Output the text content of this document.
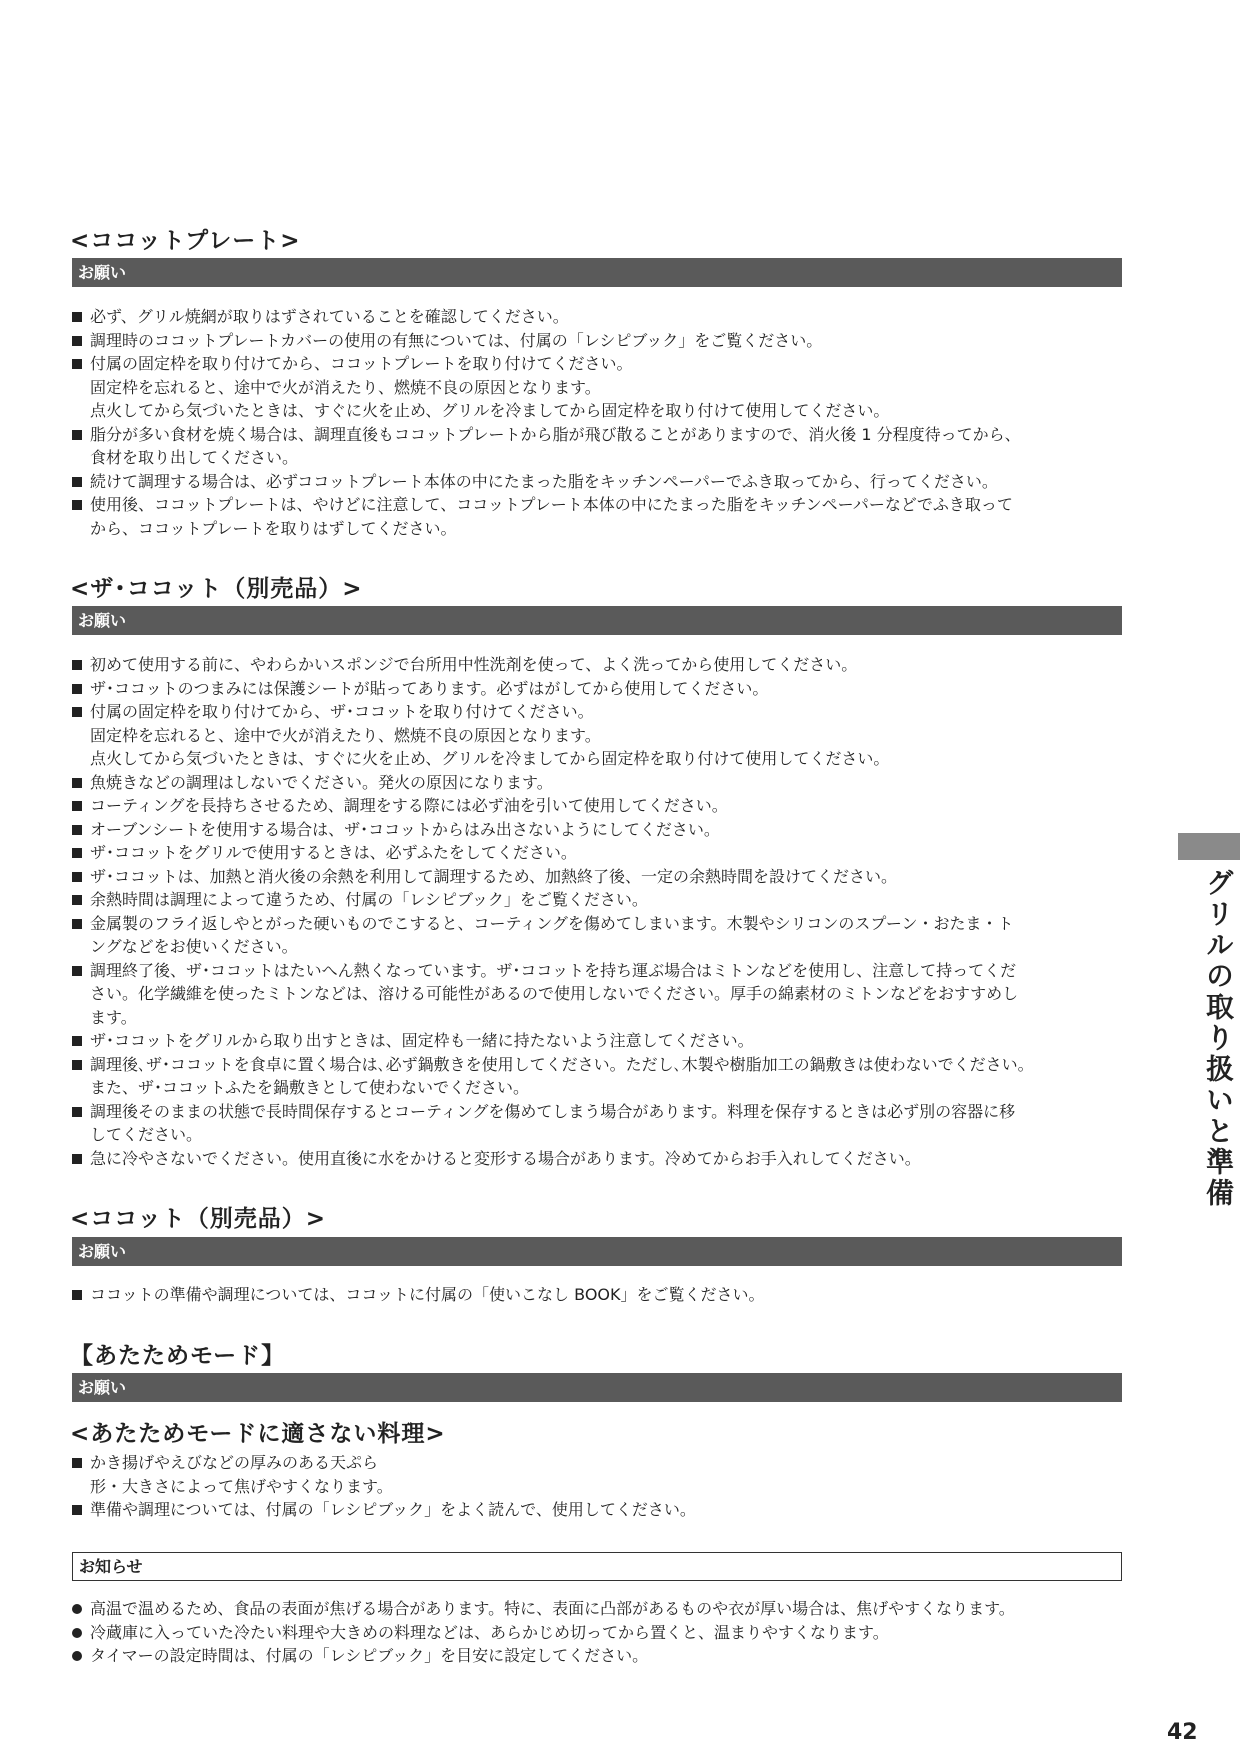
<ココットプレート>
お願い
必ず、グリル焼網が取りはずされていることを確認してください。
調理時のココットプレートカバーの使用の有無については、付属の「レシピブック」をご覧ください。
付属の固定枠を取り付けてから、ココットプレートを取り付けてください。
固定枠を忘れると、途中で火が消えたり、燃焼不良の原因となります。
点火してから気づいたときは、すぐに火を止め、グリルを冷ましてから固定枠を取り付けて使用してください。
脂分が多い食材を焼く場合は、調理直後もココットプレートから脂が飛び散ることがありますので、消火後 1 分程度待ってから、
食材を取り出してください。
続けて調理する場合は、必ずココットプレート本体の中にたまった脂をキッチンペーパーでふき取ってから、行ってください。
使用後、ココットプレートは、やけどに注意して、ココットプレート本体の中にたまった脂をキッチンペーパーなどでふき取って
から、ココットプレートを取りはずしてください。
<ザ･ココット（別売品）>
お願い
初めて使用する前に、やわらかいスポンジで台所用中性洗剤を使って、よく洗ってから使用してください。
ザ･ココットのつまみには保護シートが貼ってあります。必ずはがしてから使用してください。
付属の固定枠を取り付けてから、ザ･ココットを取り付けてください。
固定枠を忘れると、途中で火が消えたり、燃焼不良の原因となります。
点火してから気づいたときは、すぐに火を止め、グリルを冷ましてから固定枠を取り付けて使用してください。
魚焼きなどの調理はしないでください。発火の原因になります。
コーティングを長持ちさせるため、調理をする際には必ず油を引いて使用してください。
オーブンシートを使用する場合は、ザ･ココットからはみ出さないようにしてください。
ザ･ココットをグリルで使用するときは、必ずふたをしてください。
ザ･ココットは、加熱と消火後の余熱を利用して調理するため、加熱終了後、一定の余熱時間を設けてください。
余熱時間は調理によって違うため、付属の「レシピブック」をご覧ください。
金属製のフライ返しやとがった硬いものでこすると、コーティングを傷めてしまいます。木製やシリコンのスプーン・おたま・ト
ングなどをお使いください。
調理終了後、ザ･ココットはたいへん熱くなっています。ザ･ココットを持ち運ぶ場合はミトンなどを使用し、注意して持ってくだ
さい。化学繊維を使ったミトンなどは、溶ける可能性があるので使用しないでください。厚手の綿素材のミトンなどをおすすめし
ます。
ザ･ココットをグリルから取り出すときは、固定枠も一緒に持たないよう注意してください。
調理後､ザ･ココットを食卓に置く場合は､必ず鍋敷きを使用してください。ただし､木製や樹脂加工の鍋敷きは使わないでください。
また、ザ･ココットふたを鍋敷きとして使わないでください。
調理後そのままの状態で長時間保存するとコーティングを傷めてしまう場合があります。料理を保存するときは必ず別の容器に移
してください。
急に冷やさないでください。使用直後に水をかけると変形する場合があります。冷めてからお手入れしてください。
<ココット（別売品）>
お願い
ココットの準備や調理については、ココットに付属の「使いこなし BOOK」をご覧ください。
【あたためモード】
お願い
<あたためモードに適さない料理>
かき揚げやえびなどの厚みのある天ぷら
形・大きさによって焦げやすくなります。
準備や調理については、付属の「レシピブック」をよく読んで、使用してください。
お知らせ
高温で温めるため、食品の表面が焦げる場合があります。特に、表面に凸部があるものや衣が厚い場合は、焦げやすくなります。
冷蔵庫に入っていた冷たい料理や大きめの料理などは、あらかじめ切ってから置くと、温まりやすくなります。
タイマーの設定時間は、付属の「レシピブック」を目安に設定してください。
グリルの取り扱いと準備
42
